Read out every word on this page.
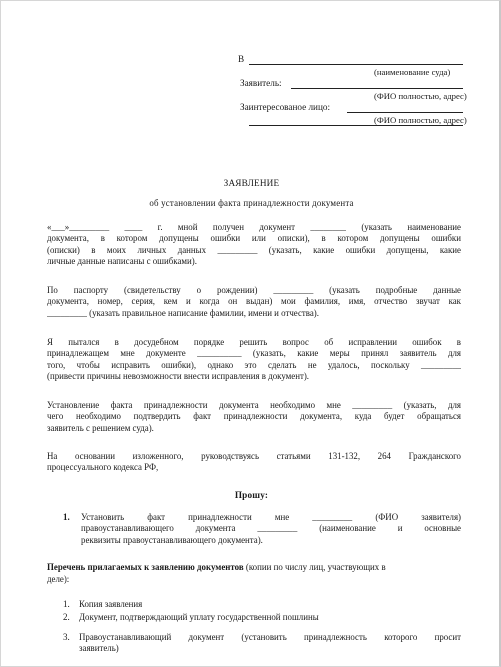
В
(наименование суда)
Заявитель:
(ФИО полностью, адрес)
Заинтересованое лицо:
(ФИО полностью, адрес)
ЗАЯВЛЕНИЕ
об установлении факта принадлежности документа
«___»_________ ____ г. мной получен документ ________ (указать наименование
документа, в котором допущены ошибки или описки), в котором допущены ошибки
(описки) в моих личных данных _________ (указать, какие ошибки допущены, какие
личные данные написаны с ошибками).
По паспорту (свидетельству о рождении) _________ (указать подробные данные
документа, номер, серия, кем и когда он выдан) мои фамилия, имя, отчество звучат как
_________ (указать правильное написание фамилии, имени и отчества).
Я пытался в досудебном порядке решить вопрос об исправлении ошибок в
принадлежащем мне документе __________ (указать, какие меры принял заявитель для
того, чтобы исправить ошибки), однако это сделать не удалось, поскольку _________
(привести причины невозможности внести исправления в документ).
Установление факта принадлежности документа необходимо мне _________ (указать, для
чего необходимо подтвердить факт принадлежности документа, куда будет обращаться
заявитель с решением суда).
На основании изложенного, руководствуясь статьями 131-132, 264 Гражданского
процессуального кодекса РФ,
Прошу:
1. Установить факт принадлежности мне _________ (ФИО заявителя)
правоустанавливающего документа _________ (наименование и основные
реквизиты правоустанавливающего документа).
Перечень прилагаемых к заявлению документов (копии по числу лиц, участвующих в
деле):
1. Копия заявления
2. Документ, подтверждающий уплату государственной пошлины
3. Правоустанавливающий документ (установить принадлежность которого просит
заявитель)
